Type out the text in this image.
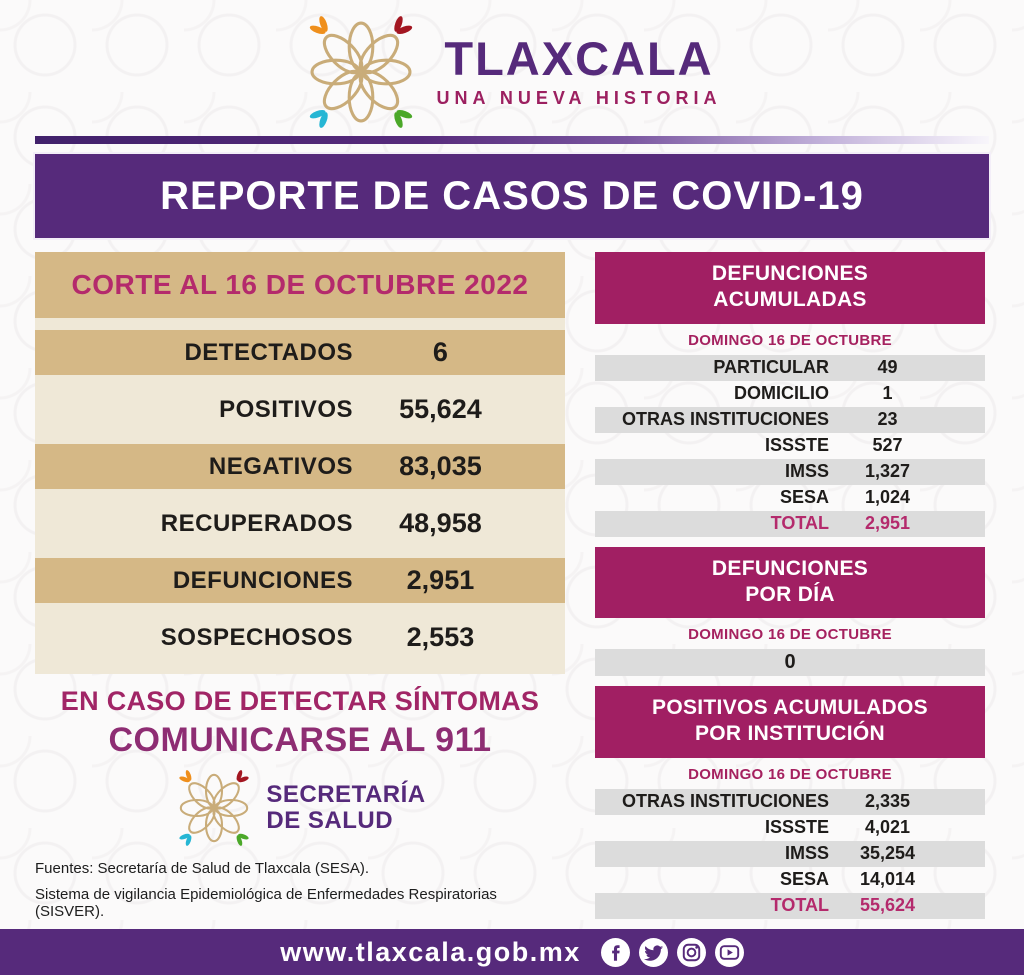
TLAXCALA
UNA NUEVA HISTORIA
REPORTE DE CASOS DE COVID-19
CORTE AL 16 DE OCTUBRE 2022
DETECTADOS	6
POSITIVOS	55,624
NEGATIVOS	83,035
RECUPERADOS	48,958
DEFUNCIONES	2,951
SOSPECHOSOS	2,553
EN CASO DE DETECTAR SÍNTOMAS
COMUNICARSE AL 911
SECRETARÍA
DE SALUD
Fuentes: Secretaría de Salud de Tlaxcala (SESA).
Sistema de vigilancia Epidemiológica de Enfermedades Respiratorias (SISVER).
DEFUNCIONES
ACUMULADAS
DOMINGO 16 DE OCTUBRE
PARTICULAR	49
DOMICILIO	1
OTRAS INSTITUCIONES	23
ISSSTE	527
IMSS	1,327
SESA	1,024
TOTAL	2,951
DEFUNCIONES
POR DÍA
DOMINGO 16 DE OCTUBRE
0
POSITIVOS ACUMULADOS
POR INSTITUCIÓN
DOMINGO 16 DE OCTUBRE
OTRAS INSTITUCIONES	2,335
ISSSTE	4,021
IMSS	35,254
SESA	14,014
TOTAL	55,624
www.tlaxcala.gob.mx
